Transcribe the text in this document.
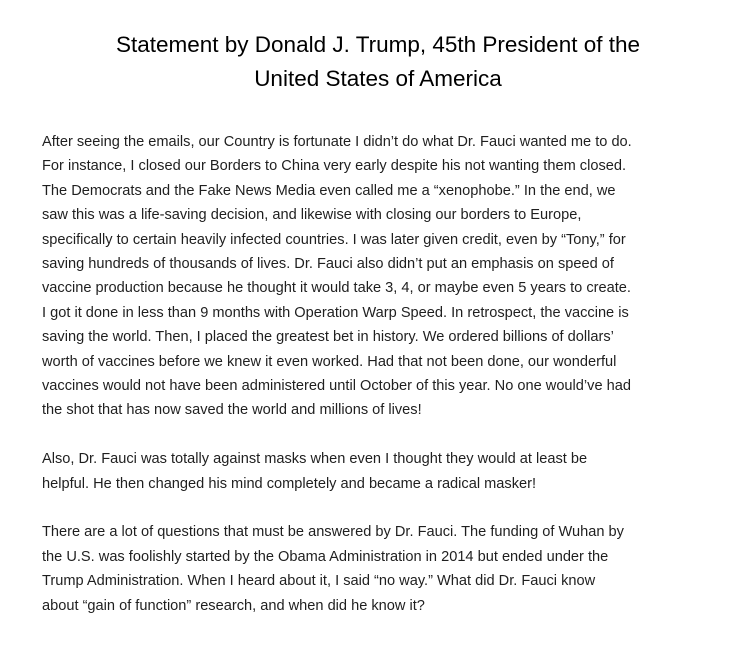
Statement by Donald J. Trump, 45th President of the
United States of America

After seeing the emails, our Country is fortunate I didn’t do what Dr. Fauci wanted me to do.
For instance, I closed our Borders to China very early despite his not wanting them closed.
The Democrats and the Fake News Media even called me a “xenophobe.” In the end, we
saw this was a life-saving decision, and likewise with closing our borders to Europe,
specifically to certain heavily infected countries. I was later given credit, even by “Tony,” for
saving hundreds of thousands of lives. Dr. Fauci also didn’t put an emphasis on speed of
vaccine production because he thought it would take 3, 4, or maybe even 5 years to create.
I got it done in less than 9 months with Operation Warp Speed. In retrospect, the vaccine is
saving the world. Then, I placed the greatest bet in history. We ordered billions of dollars’
worth of vaccines before we knew it even worked. Had that not been done, our wonderful
vaccines would not have been administered until October of this year. No one would’ve had
the shot that has now saved the world and millions of lives!

Also, Dr. Fauci was totally against masks when even I thought they would at least be
helpful. He then changed his mind completely and became a radical masker!

There are a lot of questions that must be answered by Dr. Fauci. The funding of Wuhan by
the U.S. was foolishly started by the Obama Administration in 2014 but ended under the
Trump Administration. When I heard about it, I said “no way.” What did Dr. Fauci know
about “gain of function” research, and when did he know it?
